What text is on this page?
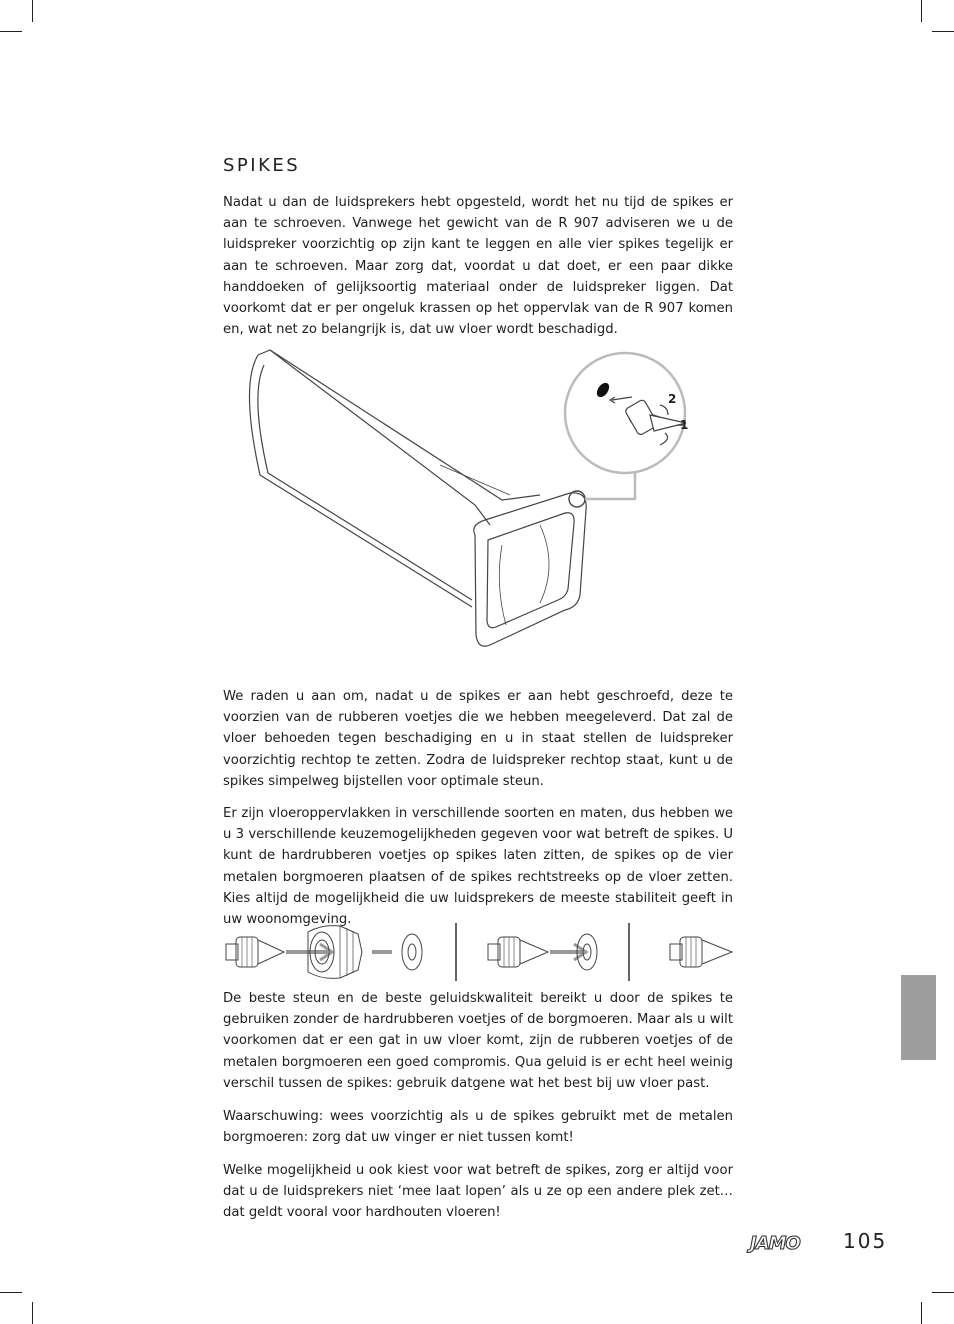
SPIKES

Nadat u dan de luidsprekers hebt opgesteld, wordt het nu tijd de spikes er aan te schroeven. Vanwege het gewicht van de R 907 adviseren we u de luidspreker voorzichtig op zijn kant te leggen en alle vier spikes tegelijk er aan te schroeven. Maar zorg dat, voordat u dat doet, er een paar dikke handdoeken of gelijksoortig materiaal onder de luidspreker liggen. Dat voorkomt dat er per ongeluk krassen op het oppervlak van de R 907 komen en, wat net zo belangrijk is, dat uw vloer wordt beschadigd.

2
1

We raden u aan om, nadat u de spikes er aan hebt geschroefd, deze te voorzien van de rubberen voetjes die we hebben meegeleverd. Dat zal de vloer behoeden tegen beschadiging en u in staat stellen de luidspreker voorzichtig rechtop te zetten. Zodra de luidspreker rechtop staat, kunt u de spikes simpelweg bijstellen voor optimale steun.

Er zijn vloeroppervlakken in verschillende soorten en maten, dus hebben we u 3 verschillende keuzemogelijkheden gegeven voor wat betreft de spikes. U kunt de hardrubberen voetjes op spikes laten zitten, de spikes op de vier metalen borgmoeren plaatsen of de spikes rechtstreeks op de vloer zetten. Kies altijd de mogelijkheid die uw luidsprekers de meeste stabiliteit geeft in uw woonomgeving.

De beste steun en de beste geluidskwaliteit bereikt u door de spikes te gebruiken zonder de hardrubberen voetjes of de borgmoeren. Maar als u wilt voorkomen dat er een gat in uw vloer komt, zijn de rubberen voetjes of de metalen borgmoeren een goed compromis. Qua geluid is er echt heel weinig verschil tussen de spikes: gebruik datgene wat het best bij uw vloer past.

Waarschuwing: wees voorzichtig als u de spikes gebruikt met de metalen borgmoeren: zorg dat uw vinger er niet tussen komt!

Welke mogelijkheid u ook kiest voor wat betreft de spikes, zorg er altijd voor dat u de luidsprekers niet ‘mee laat lopen’ als u ze op een andere plek zet… dat geldt vooral voor hardhouten vloeren!

JAMO 105
